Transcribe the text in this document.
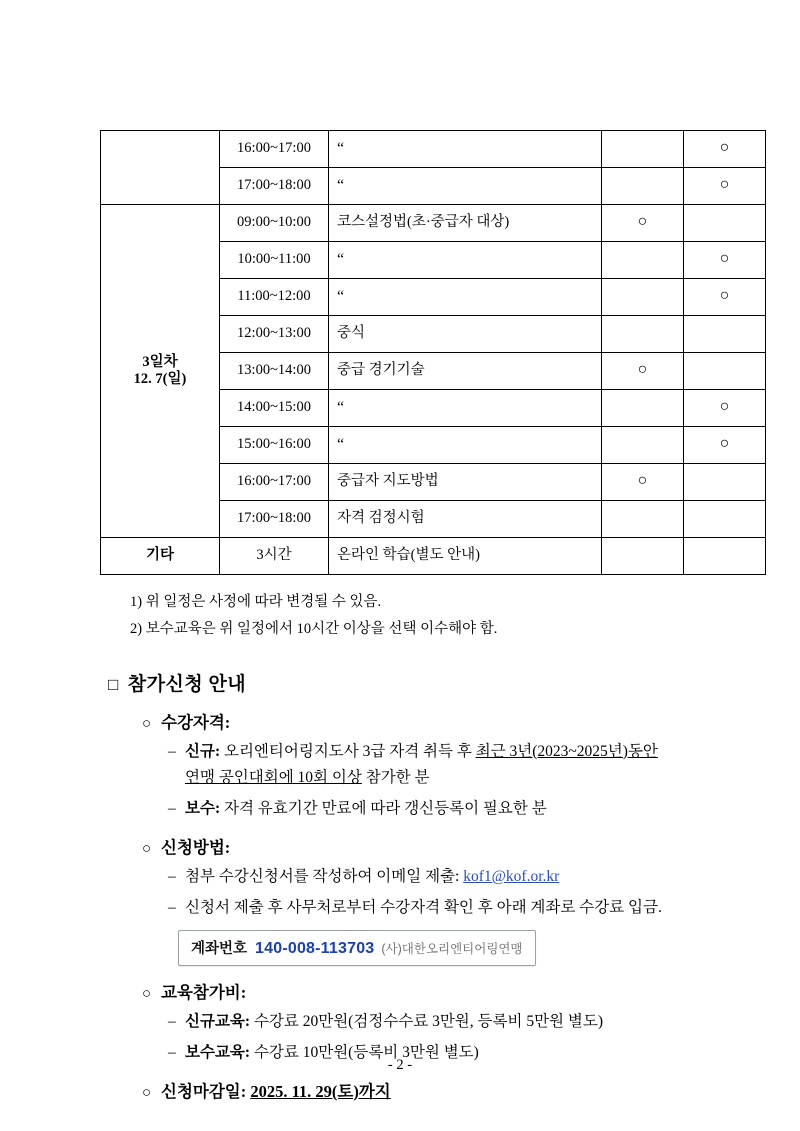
	16:00~17:00	“		○
	17:00~18:00	“		○

3일차
12. 7(일)	09:00~10:00	코스설정법(초·중급자 대상)	○	
	10:00~11:00	“		○
	11:00~12:00	“		○
	12:00~13:00	중식		
	13:00~14:00	중급 경기기술	○	
	14:00~15:00	“		○
	15:00~16:00	“		○
	16:00~17:00	중급자 지도방법	○	
	17:00~18:00	자격 검정시험		
기타	3시간	온라인 학습(별도 안내)		
1) 위 일정은 사정에 따라 변경될 수 있음.
2) 보수교육은 위 일정에서 10시간 이상을 선택 이수해야 함.
□ 참가신청 안내
○ 수강자격:
– 신규: 오리엔티어링지도사 3급 자격 취득 후 최근 3년(2023~2025년)동안
연맹 공인대회에 10회 이상 참가한 분
– 보수: 자격 유효기간 만료에 따라 갱신등록이 필요한 분
○ 신청방법:
– 첨부 수강신청서를 작성하여 이메일 제출: kof1@kof.or.kr
– 신청서 제출 후 사무처로부터 수강자격 확인 후 아래 계좌로 수강료 입금.
계좌번호 140-008-113703 (사)대한오리엔티어링연맹
○ 교육참가비:
– 신규교육: 수강료 20만원(검정수수료 3만원, 등록비 5만원 별도)
– 보수교육: 수강료 10만원(등록비 3만원 별도)
○ 신청마감일: 2025. 11. 29(토)까지
- 2 -
